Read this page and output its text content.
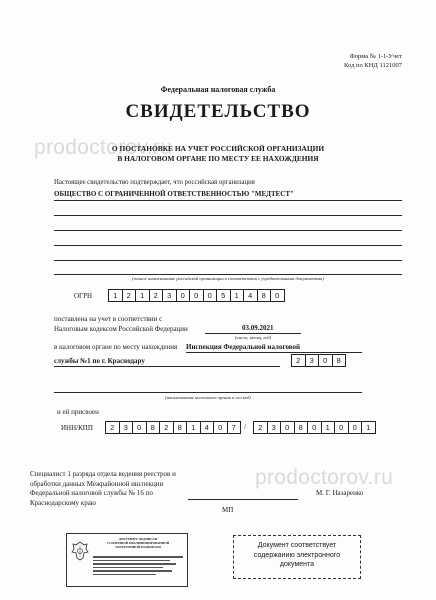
prodoctorov.ru
prodoctorov.ru
Форма № 1-1-Учет
Код по КНД 1121007
Федеральная налоговая служба
СВИДЕТЕЛЬСТВО
О ПОСТАНОВКЕ НА УЧЕТ РОССИЙСКОЙ ОРГАНИЗАЦИИ
В НАЛОГОВОМ ОРГАНЕ ПО МЕСТУ ЕЕ НАХОЖДЕНИЯ
Настоящее свидетельство подтверждает, что российская организация
ОБЩЕСТВО С ОГРАНИЧЕННОЙ ОТВЕТСТВЕННОСТЬЮ "МЕДТЕСТ"
(полное наименование российской организации в соответствии с учредительными документами)
ОГРН	1	2	1	2	3	0	0	0	5	1	4	8	0
поставлена на учет в соответствии с
Налоговым кодексом Российской Федерации	03.09.2021
(число, месяц, год)
в налоговом органе по месту нахождения Инспекция Федеральной налоговой
службы №1 по г. Краснодару	2	3	0	8
(наименование налогового органа и его код)
и ей присвоен
ИНН/КПП	2	3	0	8	2	8	1	4	0	7	/	2	3	0	8	0	1	0	0	1
Специалист 1 разряда отдела ведения реестров и
обработки данных Межрайонной инспекции
Федеральной налоговой службы № 16 по
Краснодарскому краю
М. Г. Назаренко
МП
ДОКУМЕНТ ПОДПИСАН
УСИЛЕННОЙ КВАЛИФИЦИРОВАННОЙ
ЭЛЕКТРОННОЙ ПОДПИСЬЮ	Документ соответствует
содержанию электронного
документа
